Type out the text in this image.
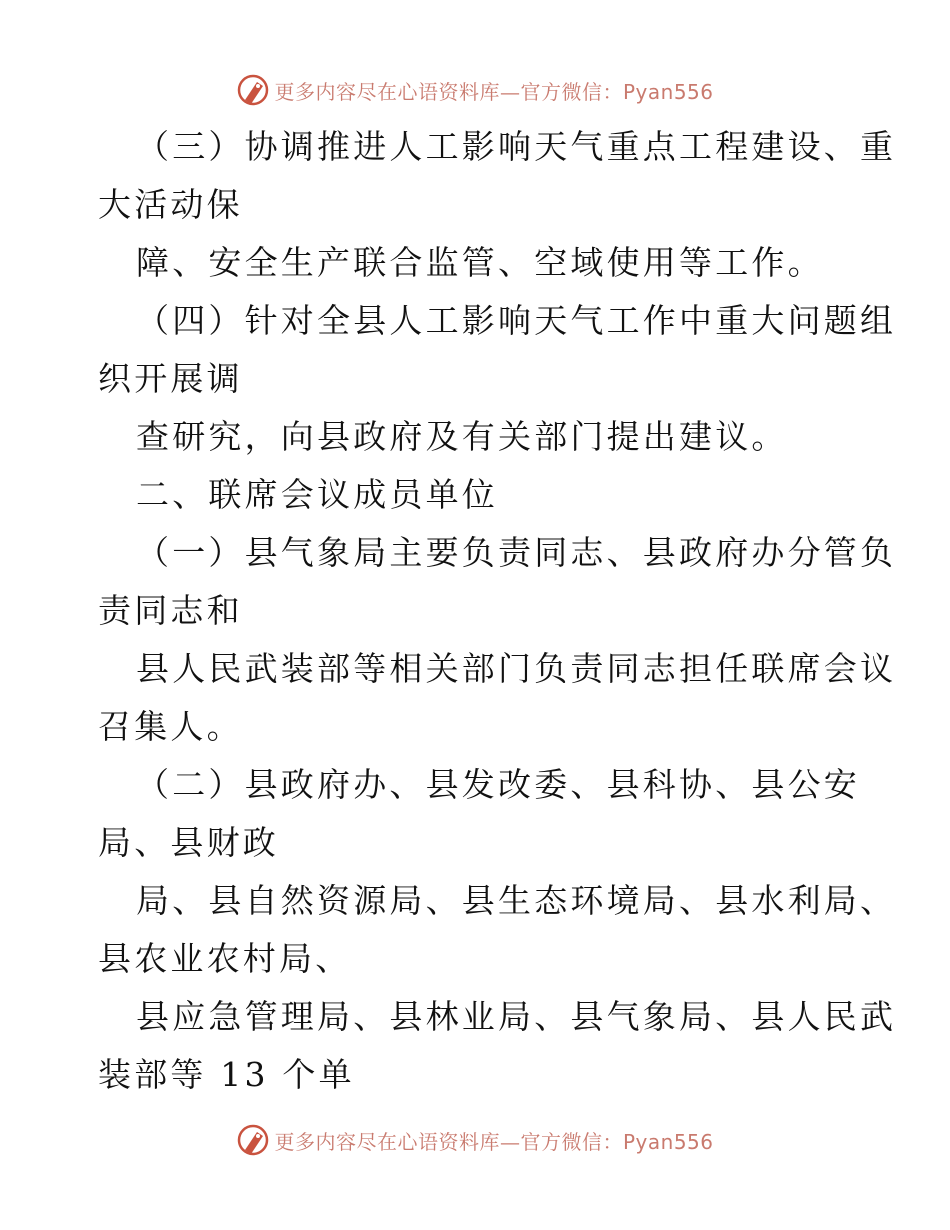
更多内容尽在心语资料库—官方微信：Pyan556
（三）协调推进人工影响天气重点工程建设、重
大活动保
障、安全生产联合监管、空域使用等工作。
（四）针对全县人工影响天气工作中重大问题组
织开展调
查研究，向县政府及有关部门提出建议。
二、联席会议成员单位
（一）县气象局主要负责同志、县政府办分管负
责同志和
县人民武装部等相关部门负责同志担任联席会议
召集人。
（二）县政府办、县发改委、县科协、县公安
局、县财政
局、县自然资源局、县生态环境局、县水利局、
县农业农村局、
县应急管理局、县林业局、县气象局、县人民武
装部等 13 个单
更多内容尽在心语资料库—官方微信：Pyan556
